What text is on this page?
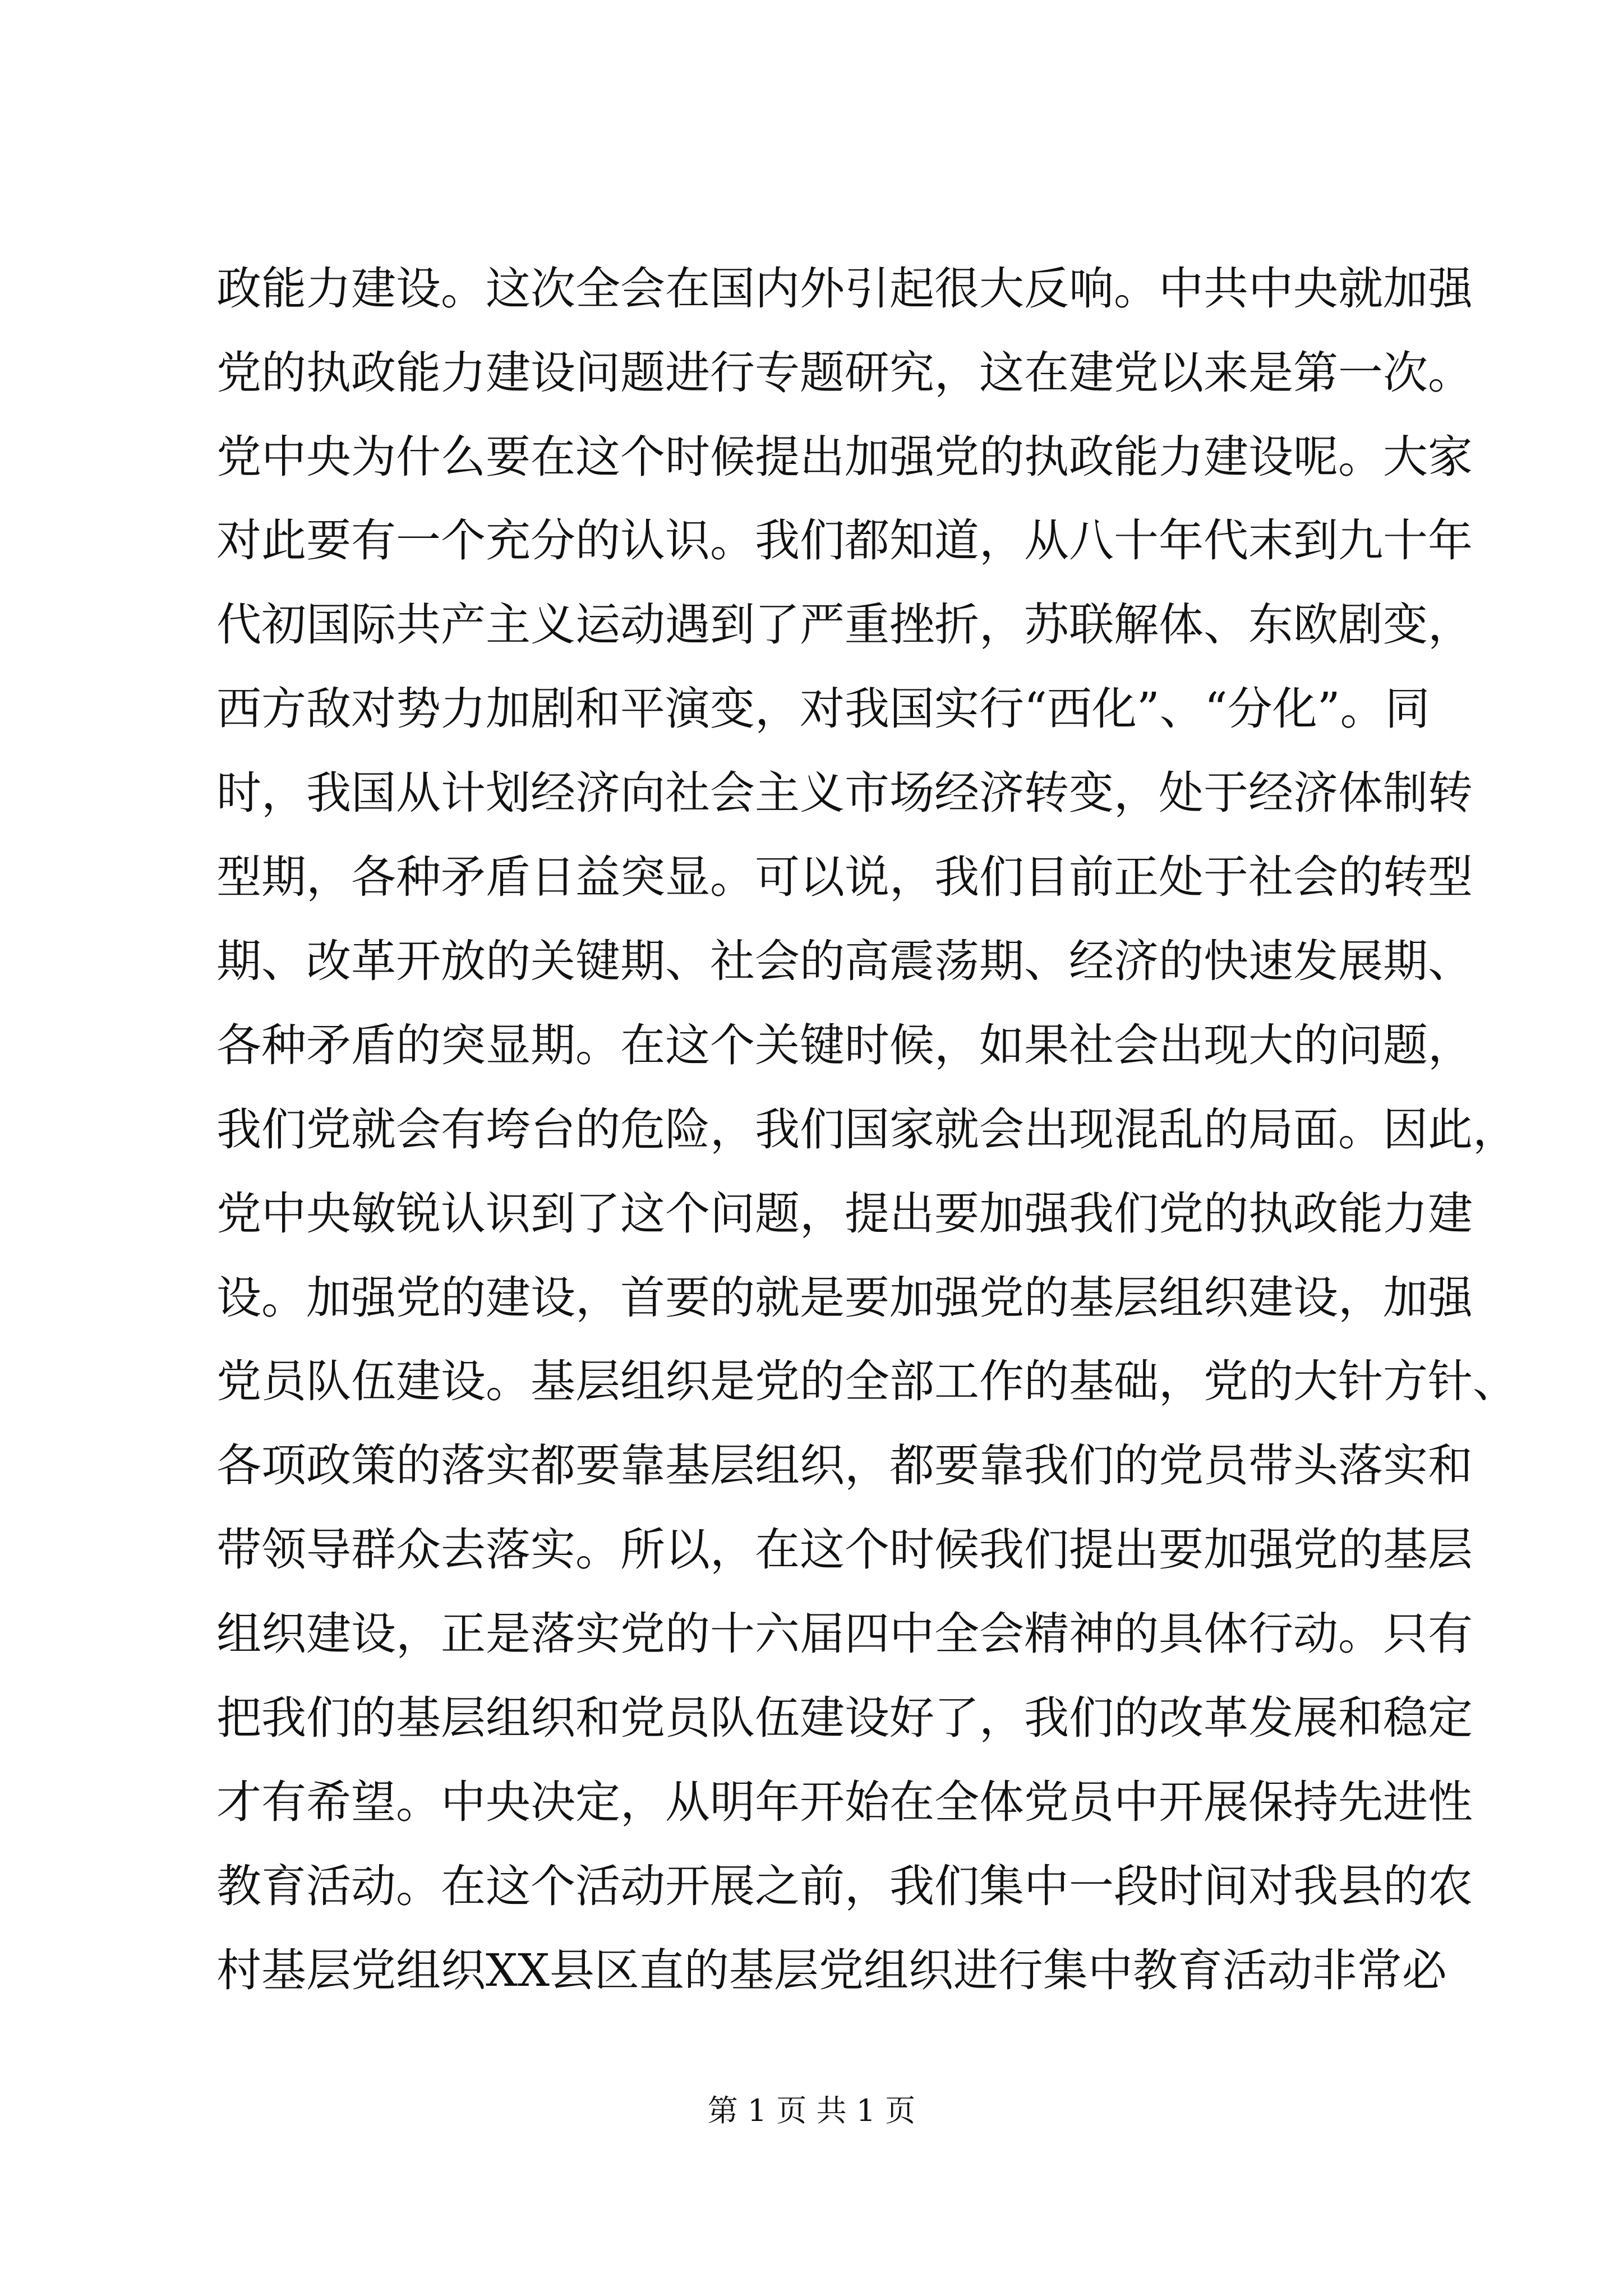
政能力建设。这次全会在国内外引起很大反响。中共中央就加强
党的执政能力建设问题进行专题研究，这在建党以来是第一次。
党中央为什么要在这个时候提出加强党的执政能力建设呢。大家
对此要有一个充分的认识。我们都知道，从八十年代末到九十年
代初国际共产主义运动遇到了严重挫折，苏联解体、东欧剧变，
西方敌对势力加剧和平演变，对我国实行“西化”、“分化”。同
时，我国从计划经济向社会主义市场经济转变，处于经济体制转
型期，各种矛盾日益突显。可以说，我们目前正处于社会的转型
期、改革开放的关键期、社会的高震荡期、经济的快速发展期、
各种矛盾的突显期。在这个关键时候，如果社会出现大的问题，
我们党就会有垮台的危险，我们国家就会出现混乱的局面。因此，
党中央敏锐认识到了这个问题，提出要加强我们党的执政能力建
设。加强党的建设，首要的就是要加强党的基层组织建设，加强
党员队伍建设。基层组织是党的全部工作的基础，党的大针方针、
各项政策的落实都要靠基层组织，都要靠我们的党员带头落实和
带领导群众去落实。所以，在这个时候我们提出要加强党的基层
组织建设，正是落实党的十六届四中全会精神的具体行动。只有
把我们的基层组织和党员队伍建设好了，我们的改革发展和稳定
才有希望。中央决定，从明年开始在全体党员中开展保持先进性
教育活动。在这个活动开展之前，我们集中一段时间对我县的农
村基层党组织XX县区直的基层党组织进行集中教育活动非常必
第 1 页 共 1 页
